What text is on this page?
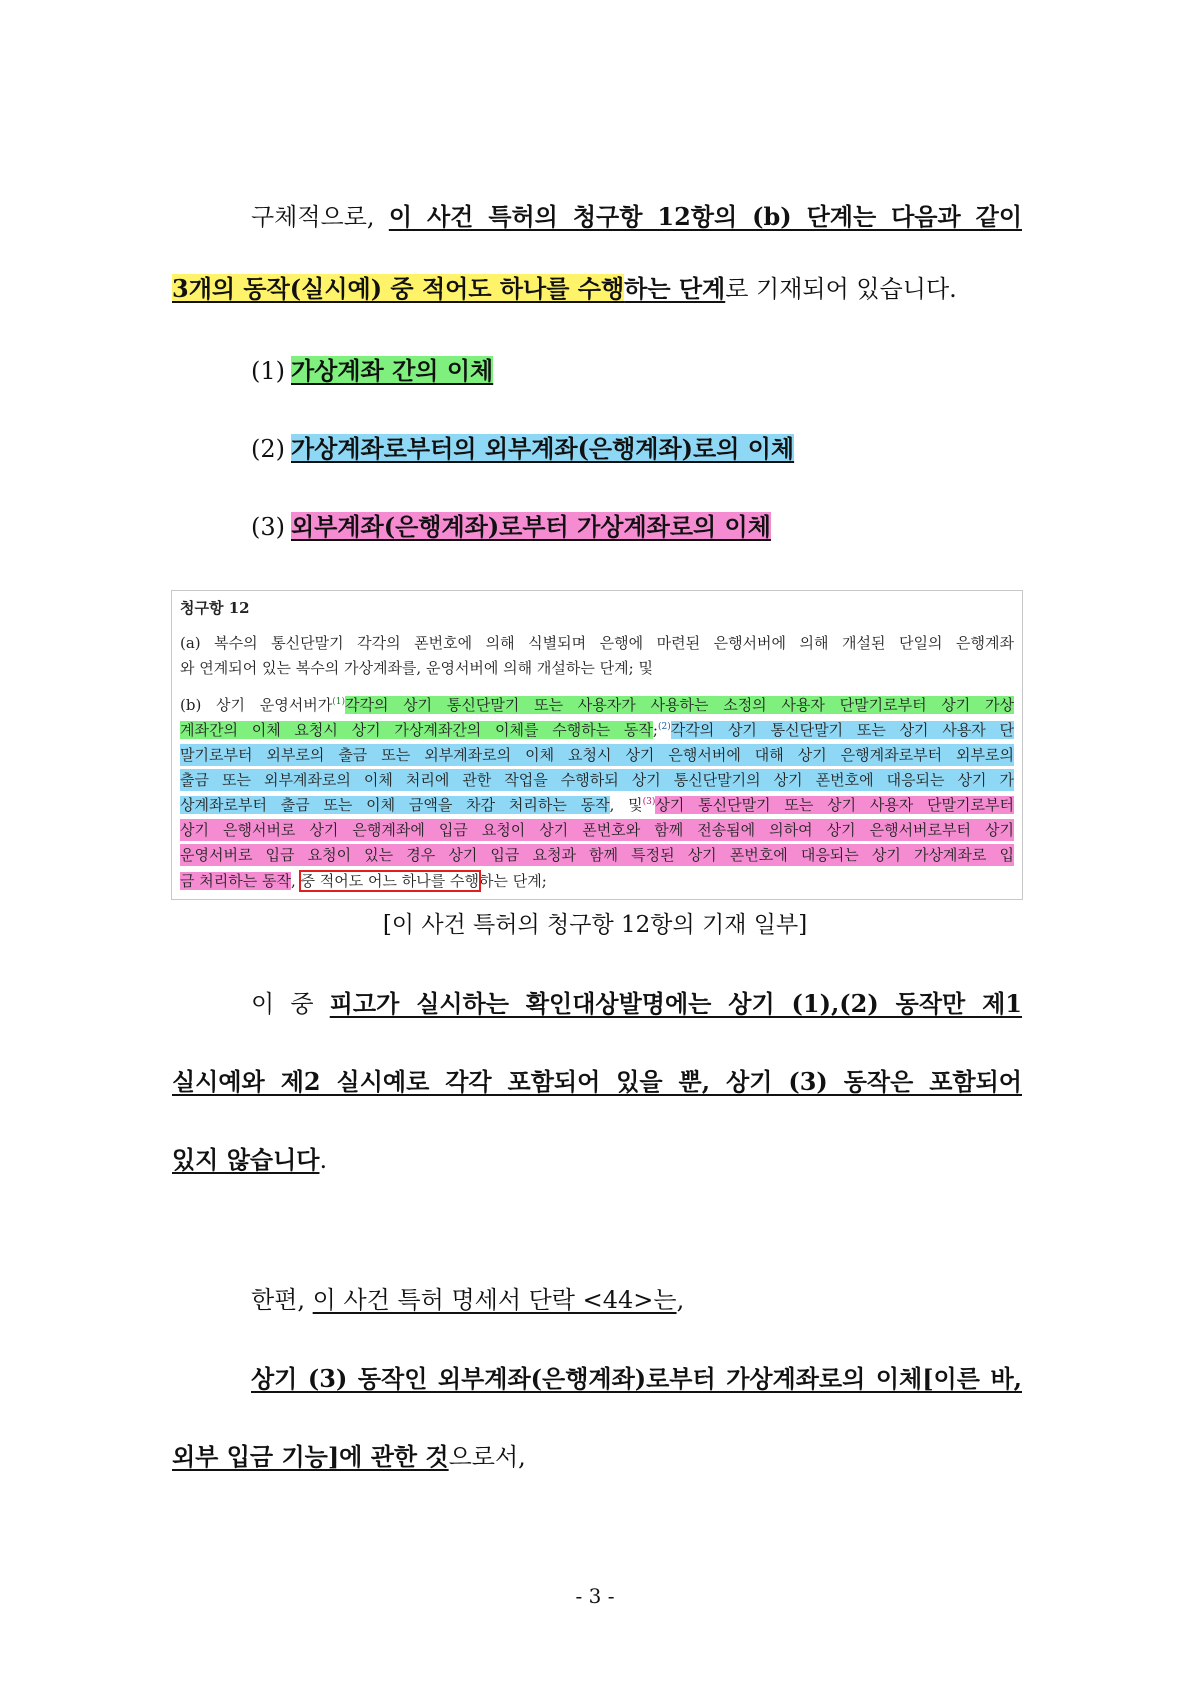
구체적으로, 이 사건 특허의 청구항 12항의 (b) 단계는 다음과 같이
3개의 동작(실시예) 중 적어도 하나를 수행하는 단계로 기재되어 있습니다.
(1) 가상계좌 간의 이체
(2) 가상계좌로부터의 외부계좌(은행계좌)로의 이체
(3) 외부계좌(은행계좌)로부터 가상계좌로의 이체
청구항 12
(a) 복수의 통신단말기 각각의 폰번호에 의해 식별되며 은행에 마련된 은행서버에 의해 개설된 단일의 은행계좌
와 연계되어 있는 복수의 가상계좌를, 운영서버에 의해 개설하는 단계; 및
(b) 상기 운영서버가$^{(1)}$각각의 상기 통신단말기 또는 사용자가 사용하는 소정의 사용자 단말기로부터 상기 가상
계좌간의 이체 요청시 상기 가상계좌간의 이체를 수행하는 동작;$^{(2)}$각각의 상기 통신단말기 또는 상기 사용자 단
말기로부터 외부로의 출금 또는 외부계좌로의 이체 요청시 상기 은행서버에 대해 상기 은행계좌로부터 외부로의
출금 또는 외부계좌로의 이체 처리에 관한 작업을 수행하되 상기 통신단말기의 상기 폰번호에 대응되는 상기 가
상계좌로부터 출금 또는 이체 금액을 차감 처리하는 동작, 및$^{(3)}$상기 통신단말기 또는 상기 사용자 단말기로부터
상기 은행서버로 상기 은행계좌에 입금 요청이 상기 폰번호와 함께 전송됨에 의하여 상기 은행서버로부터 상기
운영서버로 입금 요청이 있는 경우 상기 입금 요청과 함께 특정된 상기 폰번호에 대응되는 상기 가상계좌로 입
금 처리하는 동작, 중 적어도 어느 하나를 수행하는 단계;
[이 사건 특허의 청구항 12항의 기재 일부]
이 중 피고가 실시하는 확인대상발명에는 상기 (1),(2) 동작만 제1
실시예와 제2 실시예로 각각 포함되어 있을 뿐, 상기 (3) 동작은 포함되어
있지 않습니다.
한편, 이 사건 특허 명세서 단락 <44>는,
상기 (3) 동작인 외부계좌(은행계좌)로부터 가상계좌로의 이체[이른 바,
외부 입금 기능]에 관한 것으로서,
- 3 -
